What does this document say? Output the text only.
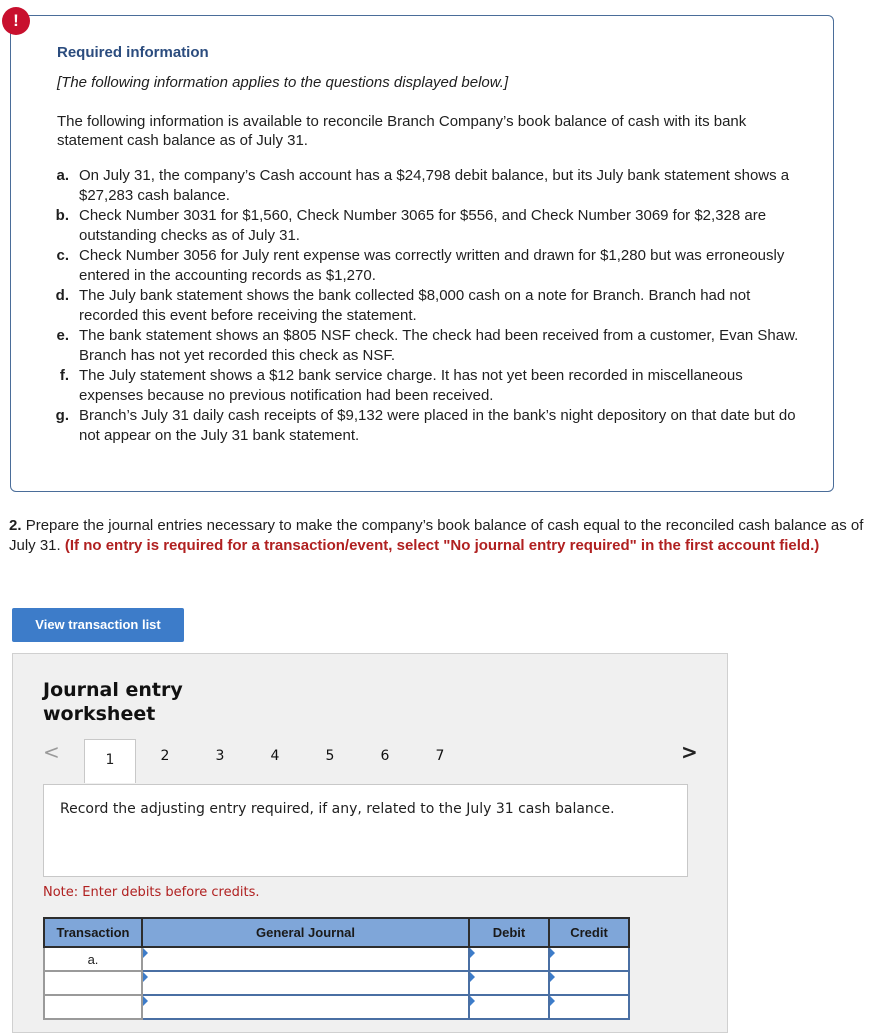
!
Required information
[The following information applies to the questions displayed below.]
The following information is available to reconcile Branch Company’s book balance of cash with its bank statement cash balance as of July 31.
a. On July 31, the company’s Cash account has a $24,798 debit balance, but its July bank statement shows a $27,283 cash balance.
b. Check Number 3031 for $1,560, Check Number 3065 for $556, and Check Number 3069 for $2,328 are outstanding checks as of July 31.
c. Check Number 3056 for July rent expense was correctly written and drawn for $1,280 but was erroneously entered in the accounting records as $1,270.
d. The July bank statement shows the bank collected $8,000 cash on a note for Branch. Branch had not recorded this event before receiving the statement.
e. The bank statement shows an $805 NSF check. The check had been received from a customer, Evan Shaw. Branch has not yet recorded this check as NSF.
f. The July statement shows a $12 bank service charge. It has not yet been recorded in miscellaneous expenses because no previous notification had been received.
g. Branch’s July 31 daily cash receipts of $9,132 were placed in the bank’s night depository on that date but do not appear on the July 31 bank statement.
2. Prepare the journal entries necessary to make the company’s book balance of cash equal to the reconciled cash balance as of July 31. (If no entry is required for a transaction/event, select "No journal entry required" in the first account field.)
View transaction list
Journal entry
worksheet
<	1	2	3	4	5	6	7	>
Record the adjusting entry required, if any, related to the July 31 cash balance.
Note: Enter debits before credits.
Transaction	General Journal	Debit	Credit
a.	
